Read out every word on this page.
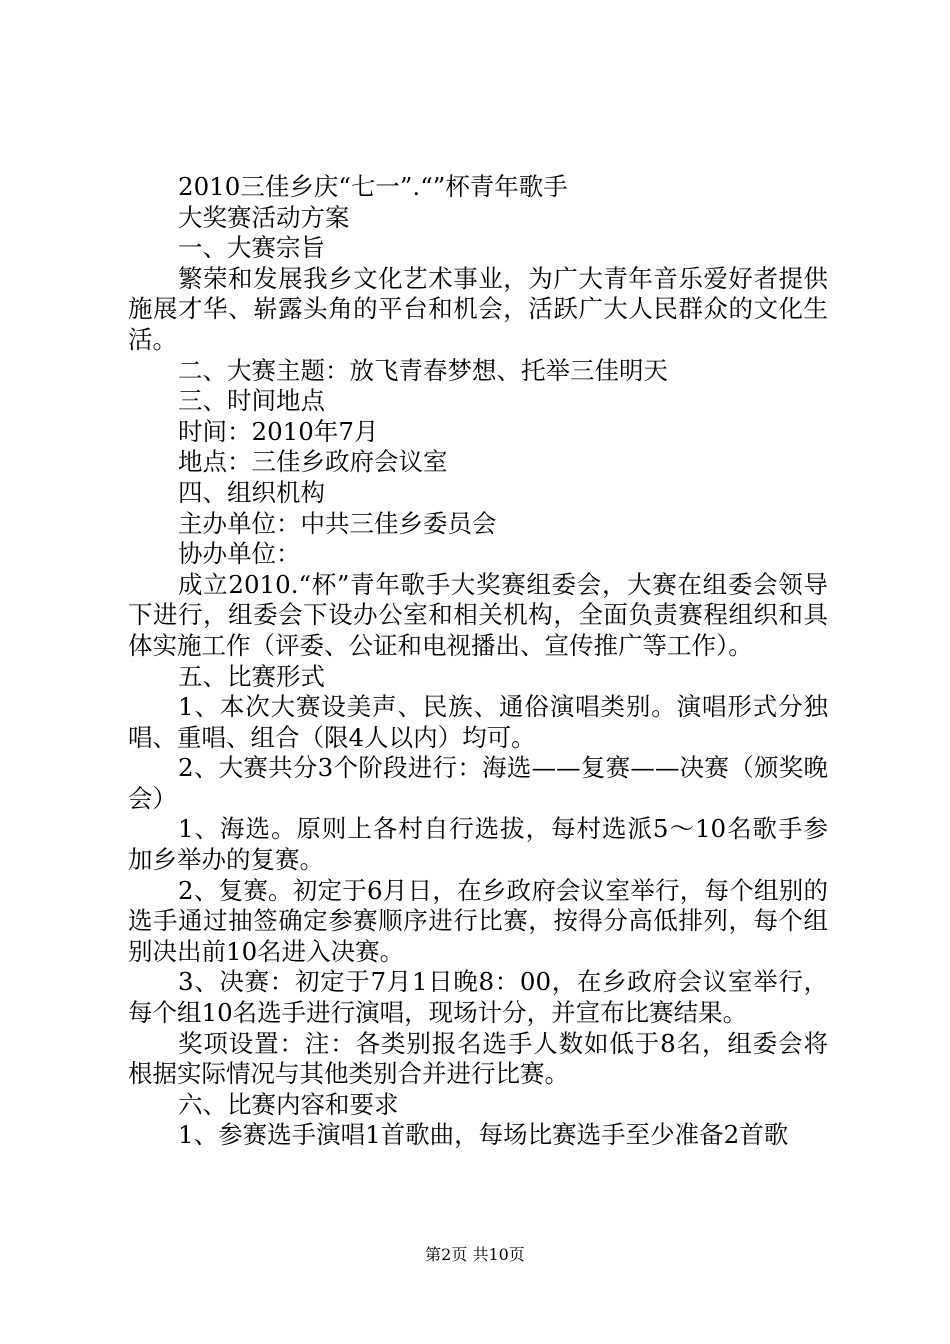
2010三佳乡庆“七一”.“”杯青年歌手

大奖赛活动方案

一、大赛宗旨

繁荣和发展我乡文化艺术事业，为广大青年音乐爱好者提供施展才华、崭露头角的平台和机会，活跃广大人民群众的文化生活。

二、大赛主题：放飞青春梦想、托举三佳明天

三、时间地点

时间：2010年7月

地点：三佳乡政府会议室

四、组织机构

主办单位：中共三佳乡委员会

协办单位：

成立2010.“杯”青年歌手大奖赛组委会，大赛在组委会领导下进行，组委会下设办公室和相关机构，全面负责赛程组织和具体实施工作（评委、公证和电视播出、宣传推广等工作）。

五、比赛形式

1、本次大赛设美声、民族、通俗演唱类别。演唱形式分独唱、重唱、组合（限4人以内）均可。

2、大赛共分3个阶段进行：海选——复赛——决赛（颁奖晚会）

1、海选。原则上各村自行选拔，每村选派5～10名歌手参加乡举办的复赛。

2、复赛。初定于6月日，在乡政府会议室举行，每个组别的选手通过抽签确定参赛顺序进行比赛，按得分高低排列，每个组别决出前10名进入决赛。

3、决赛：初定于7月1日晚8：00，在乡政府会议室举行，每个组10名选手进行演唱，现场计分，并宣布比赛结果。

奖项设置：注：各类别报名选手人数如低于8名，组委会将根据实际情况与其他类别合并进行比赛。

六、比赛内容和要求

1、参赛选手演唱1首歌曲，每场比赛选手至少准备2首歌

第2页 共10页
